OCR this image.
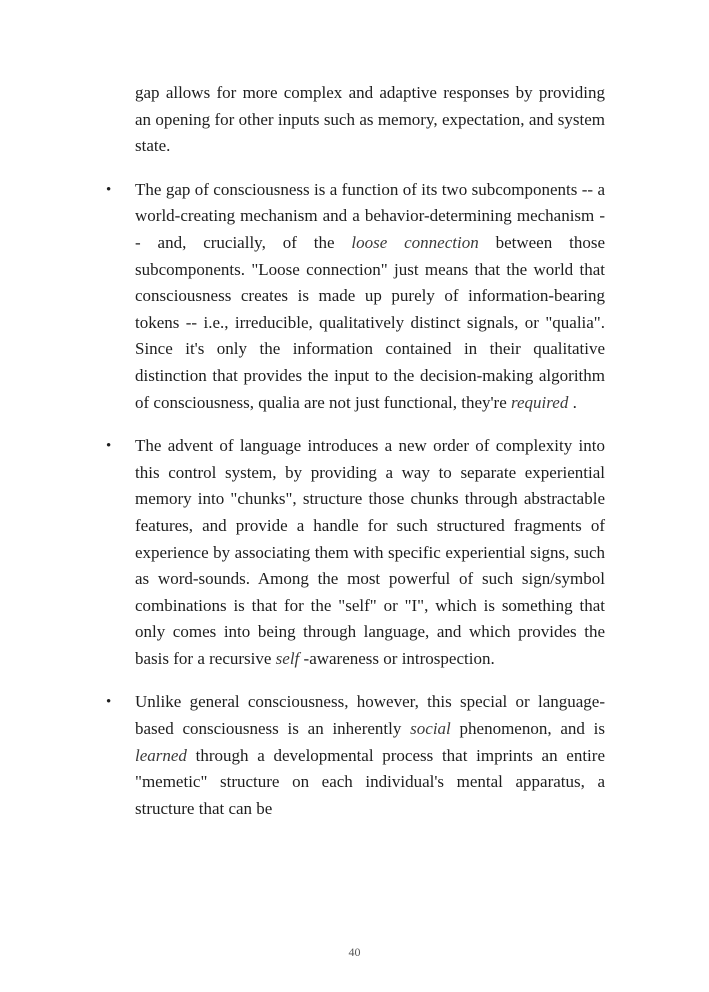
gap allows for more complex and adaptive responses by providing an opening for other inputs such as memory, expectation, and system state.
• The gap of consciousness is a function of its two subcomponents -- a world-creating mechanism and a behavior-determining mechanism -- and, crucially, of the loose connection between those subcomponents. "Loose connection" just means that the world that consciousness creates is made up purely of information-bearing tokens -- i.e., irreducible, qualitatively distinct signals, or "qualia". Since it's only the information contained in their qualitative distinction that provides the input to the decision-making algorithm of consciousness, qualia are not just functional, they're required .
• The advent of language introduces a new order of complexity into this control system, by providing a way to separate experiential memory into "chunks", structure those chunks through abstractable features, and provide a handle for such structured fragments of experience by associating them with specific experiential signs, such as word-sounds. Among the most powerful of such sign/symbol combinations is that for the "self" or "I", which is something that only comes into being through language, and which provides the basis for a recursive self -awareness or introspection.
• Unlike general consciousness, however, this special or language-based consciousness is an inherently social phenomenon, and is learned through a developmental process that imprints an entire "memetic" structure on each individual's mental apparatus, a structure that can be
40
